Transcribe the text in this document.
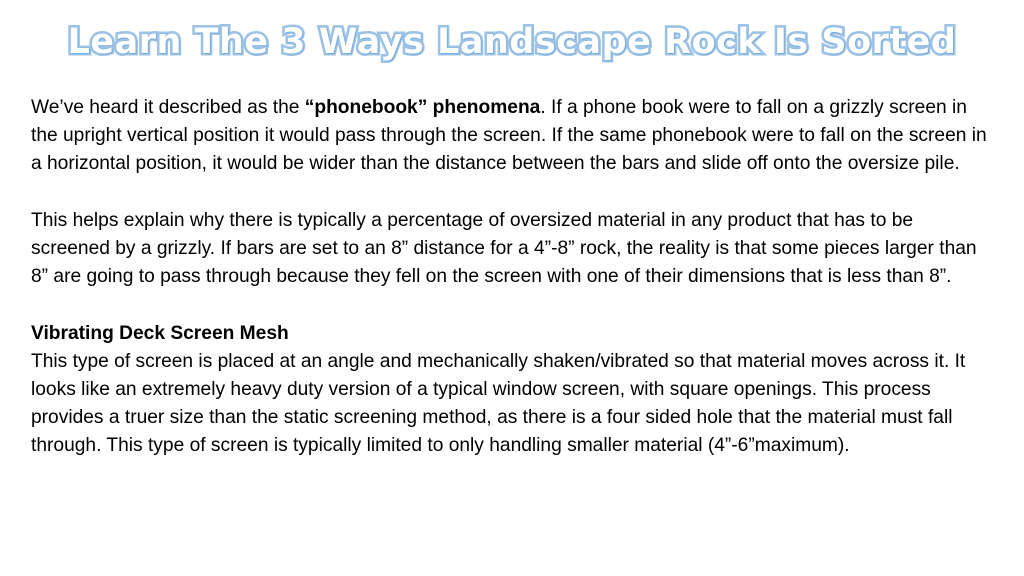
Learn The 3 Ways Landscape Rock Is Sorted

We’ve heard it described as the “phonebook” phenomena. If a phone book were to fall on a grizzly screen in the upright vertical position it would pass through the screen. If the same phonebook were to fall on the screen in a horizontal position, it would be wider than the distance between the bars and slide off onto the oversize pile.

This helps explain why there is typically a percentage of oversized material in any product that has to be screened by a grizzly. If bars are set to an 8” distance for a 4”-8” rock, the reality is that some pieces larger than 8” are going to pass through because they fell on the screen with one of their dimensions that is less than 8”.

Vibrating Deck Screen Mesh

This type of screen is placed at an angle and mechanically shaken/vibrated so that material moves across it. It looks like an extremely heavy duty version of a typical window screen, with square openings. This process provides a truer size than the static screening method, as there is a four sided hole that the material must fall through. This type of screen is typically limited to only handling smaller material (4”-6”maximum).
